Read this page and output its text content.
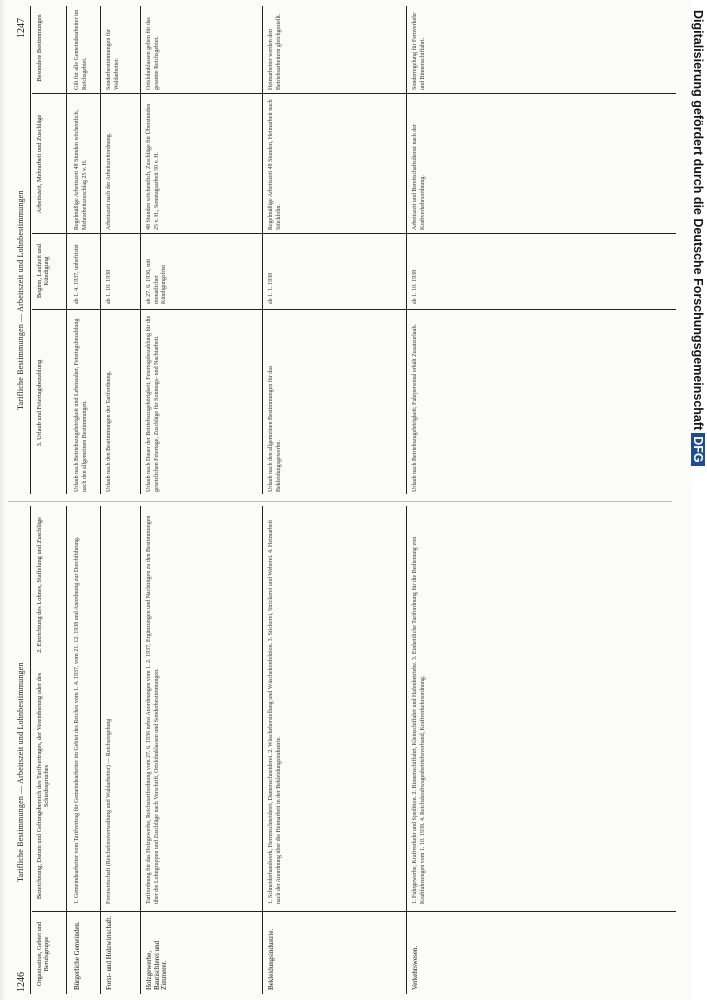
1246
Tarifliche Bestimmungen — Arbeitszeit und Lohnbestimmungen
Organisation, Gebiet und Berufsgruppe
Bezeichnung, Datum und Geltungsbereich des Tarifvertrages, der Vereinbarung oder des Schiedsspruches
2. Einrichtung des Lohnes, Staffelung und Zuschläge
Bürgerliche Gemeinden.
1. Gemeindearbeiter vom Tarifvertrag für Gemeindearbeiter im Gebiet des Reiches vom 1. 4. 1937, vom 21. 12. 1938 und Anordnung zur Durchführung.
Forst- und Holzwirtschaft.
Forstwirtschaft (Reichsforstverwaltung und Waldarbeiter) — Reichsregelung
Holzgewerbe, Bautischlerei und Zimmerer.
Tarifordnung für das Holzgewerbe, Reichstarifordnung vom 27. 6. 1936 nebst Anordnungen vom 1. 2. 1937, Ergänzungen und Nachträgen zu den Bestimmungen über die Lohngruppen und Zuschläge nach Vorschrift, Ortslohnklassen und Sonderbestimmungen.
Bekleidungsindustrie.
1. Schneiderhandwerk, Herrenschneiderei, Damenschneiderei. 2. Wäscheherstellung und Wäschekonfektion. 3. Stickerei, Strickerei und Weberei. 4. Heimarbeit nach der Anordnung über die Heimarbeit in der Bekleidungsindustrie.
Verkehrswesen.
1. Fuhrgewerbe, Kraftverkehr und Spedition. 2. Binnenschiffahrt, Kleinschiffahrt und Hafenbetriebe. 3. Einheitliche Tarifordnung für die Bedienung von Kraftfahrzeugen vom 1. 10. 1938. 4. Reichskraftwagenbetriebsverband, Kraftverkehrsordnung.
Tarifliche Bestimmungen — Arbeitszeit und Lohnbestimmungen
1247
3. Urlaub und Feiertagsbezahlung
Beginn, Laufzeit und Kündigung
Arbeitszeit, Mehrarbeit und Zuschläge
Besondere Bestimmungen
Urlaub nach Betriebszugehörigkeit und Lebensalter, Feiertagsbezahlung nach den allgemeinen Bestimmungen.
ab 1. 4. 1937, unbefristet
Regelmäßige Arbeitszeit 48 Stunden wöchentlich, Mehrarbeitszuschlag 25 v. H.
Gilt für alle Gemeindearbeiter im Reichsgebiet.
Urlaub nach den Bestimmungen der Tarifordnung.
ab 1. 10. 1938
Arbeitszeit nach der Arbeitszeitordnung.
Sonderbestimmungen für Waldarbeiter.
Urlaub nach Dauer der Betriebszugehörigkeit, Feiertagsbezahlung für die gesetzlichen Feiertage, Zuschläge für Sonntags- und Nachtarbeit.
ab 27. 6. 1936, mit monatlicher Kündigungsfrist
48 Stunden wöchentlich, Zuschläge für Überstunden 25 v. H., Sonntagsarbeit 50 v. H.
Ortslohnklassen gelten für das gesamte Reichsgebiet.
Urlaub nach den allgemeinen Bestimmungen für das Bekleidungsgewerbe.
ab 1. 1. 1938
Regelmäßige Arbeitszeit 48 Stunden, Heimarbeit nach Stücklohn.
Heimarbeiter werden den Betriebsarbeitern gleichgestellt.
Urlaub nach Betriebszugehörigkeit; Fahrpersonal erhält Zusatzurlaub.
ab 1. 10. 1938
Arbeitszeit und Bereitschaftsdienst nach der Kraftverkehrsordnung.
Sonderregelung für Fernverkehr und Binnenschiffahrt.	Digitalisierung gefördert durch die Deutsche ForschungsgemeinschaftDFG
